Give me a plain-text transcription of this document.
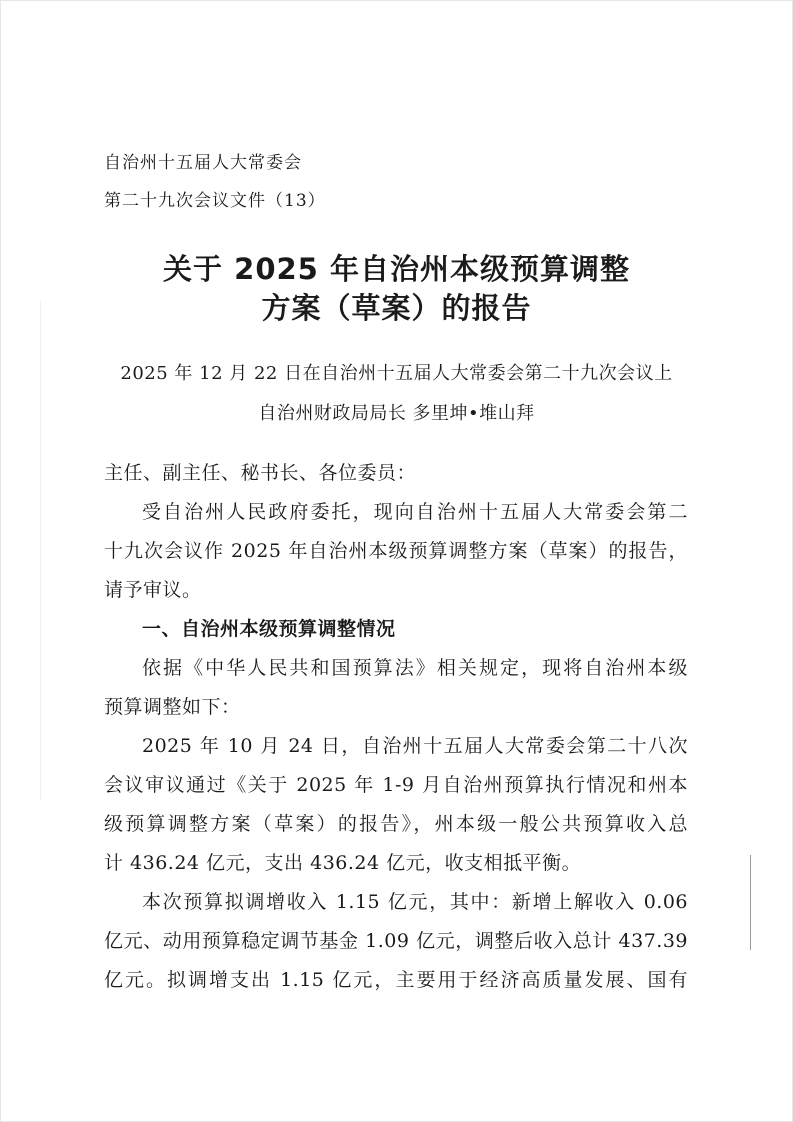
自治州十五届人大常委会
第二十九次会议文件（13）
关于 2025 年自治州本级预算调整
方案（草案）的报告
2025 年 12 月 22 日在自治州十五届人大常委会第二十九次会议上
自治州财政局局长 多里坤•堆山拜
主任、副主任、秘书长、各位委员：
受自治州人民政府委托，现向自治州十五届人大常委会第二
十九次会议作 2025 年自治州本级预算调整方案（草案）的报告，
请予审议。
一、自治州本级预算调整情况
依据《中华人民共和国预算法》相关规定，现将自治州本级
预算调整如下：
2025 年 10 月 24 日，自治州十五届人大常委会第二十八次
会议审议通过《关于 2025 年 1-9 月自治州预算执行情况和州本
级预算调整方案（草案）的报告》，州本级一般公共预算收入总
计 436.24 亿元，支出 436.24 亿元，收支相抵平衡。
本次预算拟调增收入 1.15 亿元，其中：新增上解收入 0.06
亿元、动用预算稳定调节基金 1.09 亿元，调整后收入总计 437.39
亿元。拟调增支出 1.15 亿元，主要用于经济高质量发展、国有
